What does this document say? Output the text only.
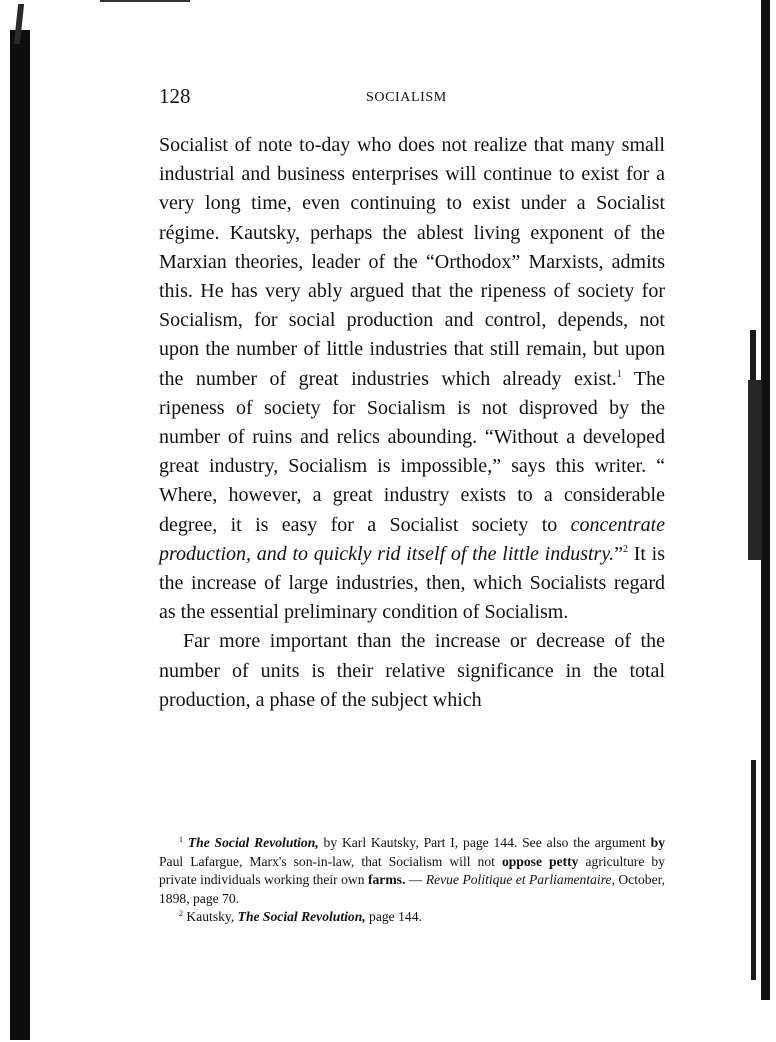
128	SOCIALISM

Socialist of note to-day who does not realize that many small industrial and business enterprises will continue to exist for a very long time, even continuing to exist under a Socialist régime. Kautsky, perhaps the ablest living exponent of the Marxian theories, leader of the “Orthodox” Marxists, admits this. He has very ably argued that the ripeness of society for Socialism, for social production and control, depends, not upon the number of little industries that still remain, but upon the number of great industries which already exist.$^1$ The ripeness of society for Socialism is not disproved by the number of ruins and relics abounding. “Without a developed great industry, Socialism is impossible,” says this writer. “ Where, however, a great industry exists to a considerable degree, it is easy for a Socialist society to concentrate production, and to quickly rid itself of the little industry.”$^2$ It is the increase of large industries, then, which Socialists regard as the essential preliminary condition of Socialism.

Far more important than the increase or decrease of the number of units is their relative significance in the total production, a phase of the subject which

$^1$ The Social Revolution, by Karl Kautsky, Part I, page 144. See also the argument by Paul Lafargue, Marx's son-in-law, that Socialism will not oppose petty agriculture by private individuals working their own farms. — Revue Politique et Parliamentaire, October, 1898, page 70.

$^2$ Kautsky, The Social Revolution, page 144.
